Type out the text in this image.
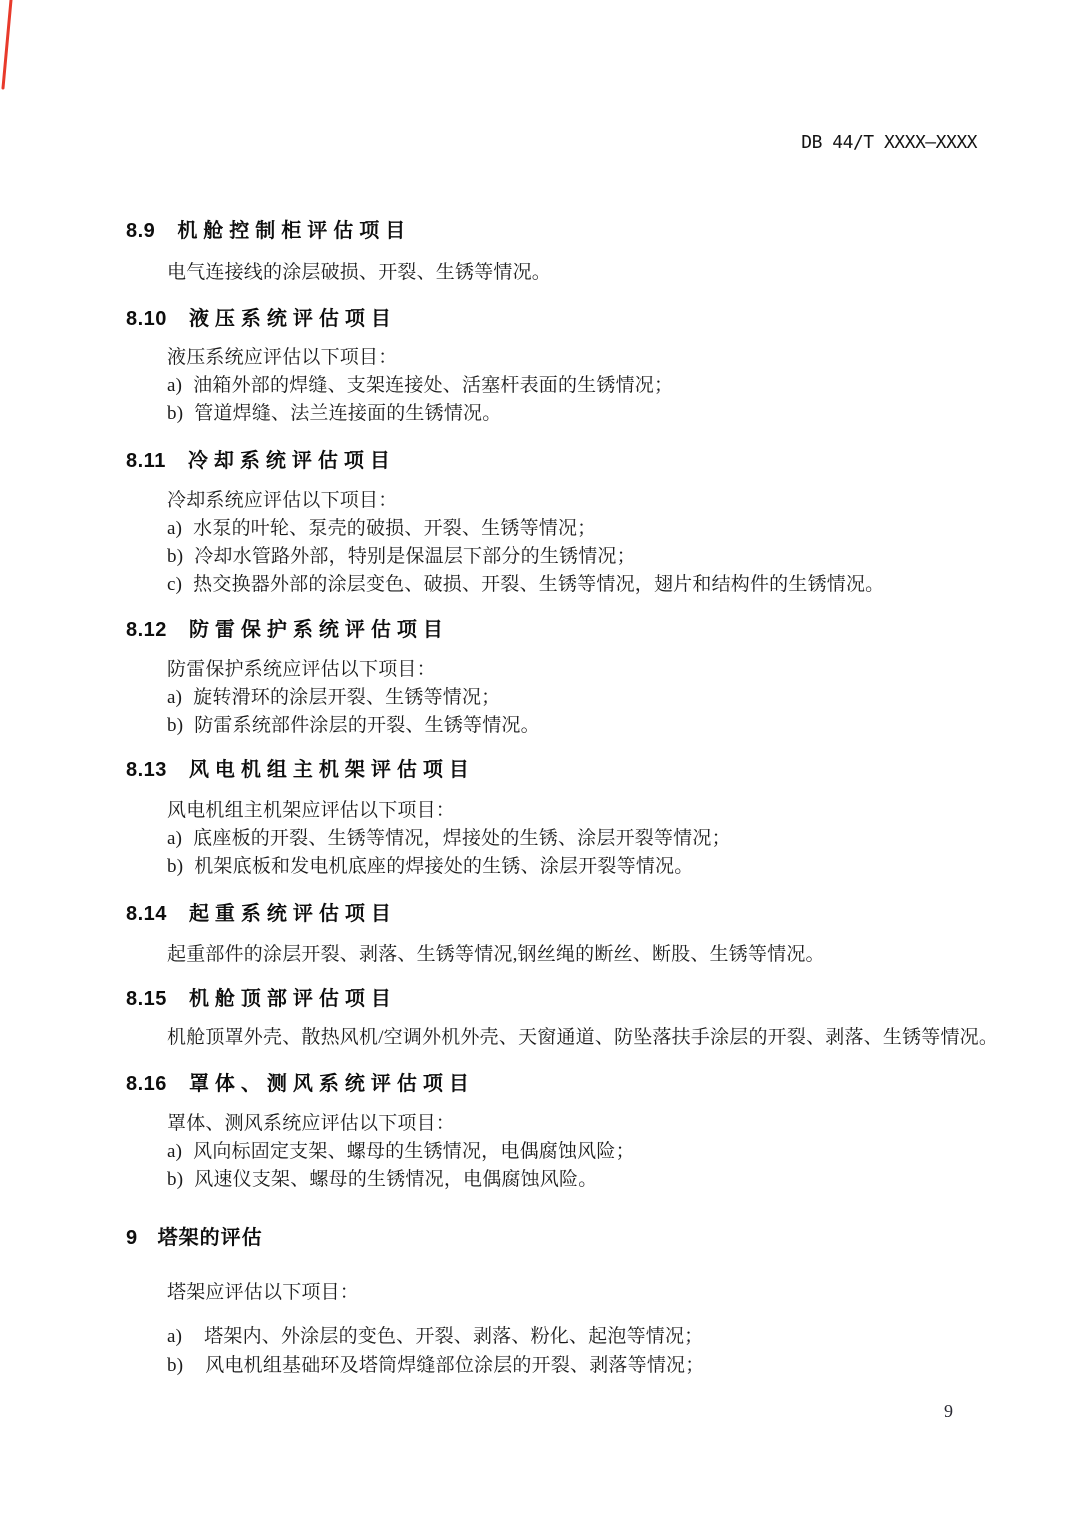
DB 44/T XXXX—XXXX
8.9 机舱控制柜评估项目
电气连接线的涂层破损、开裂、生锈等情况。
8.10 液压系统评估项目
液压系统应评估以下项目：
a) 油箱外部的焊缝、支架连接处、活塞杆表面的生锈情况；
b) 管道焊缝、法兰连接面的生锈情况。
8.11 冷却系统评估项目
冷却系统应评估以下项目：
a) 水泵的叶轮、泵壳的破损、开裂、生锈等情况；
b) 冷却水管路外部，特别是保温层下部分的生锈情况；
c) 热交换器外部的涂层变色、破损、开裂、生锈等情况，翅片和结构件的生锈情况。
8.12 防雷保护系统评估项目
防雷保护系统应评估以下项目：
a) 旋转滑环的涂层开裂、生锈等情况；
b) 防雷系统部件涂层的开裂、生锈等情况。
8.13 风电机组主机架评估项目
风电机组主机架应评估以下项目：
a) 底座板的开裂、生锈等情况，焊接处的生锈、涂层开裂等情况；
b) 机架底板和发电机底座的焊接处的生锈、涂层开裂等情况。
8.14 起重系统评估项目
起重部件的涂层开裂、剥落、生锈等情况,钢丝绳的断丝、断股、生锈等情况。
8.15 机舱顶部评估项目
机舱顶罩外壳、散热风机/空调外机外壳、天窗通道、防坠落扶手涂层的开裂、剥落、生锈等情况。
8.16 罩体、测风系统评估项目
罩体、测风系统应评估以下项目：
a) 风向标固定支架、螺母的生锈情况，电偶腐蚀风险；
b) 风速仪支架、螺母的生锈情况，电偶腐蚀风险。
9 塔架的评估
塔架应评估以下项目：
a) 塔架内、外涂层的变色、开裂、剥落、粉化、起泡等情况；
b) 风电机组基础环及塔筒焊缝部位涂层的开裂、剥落等情况；
9
